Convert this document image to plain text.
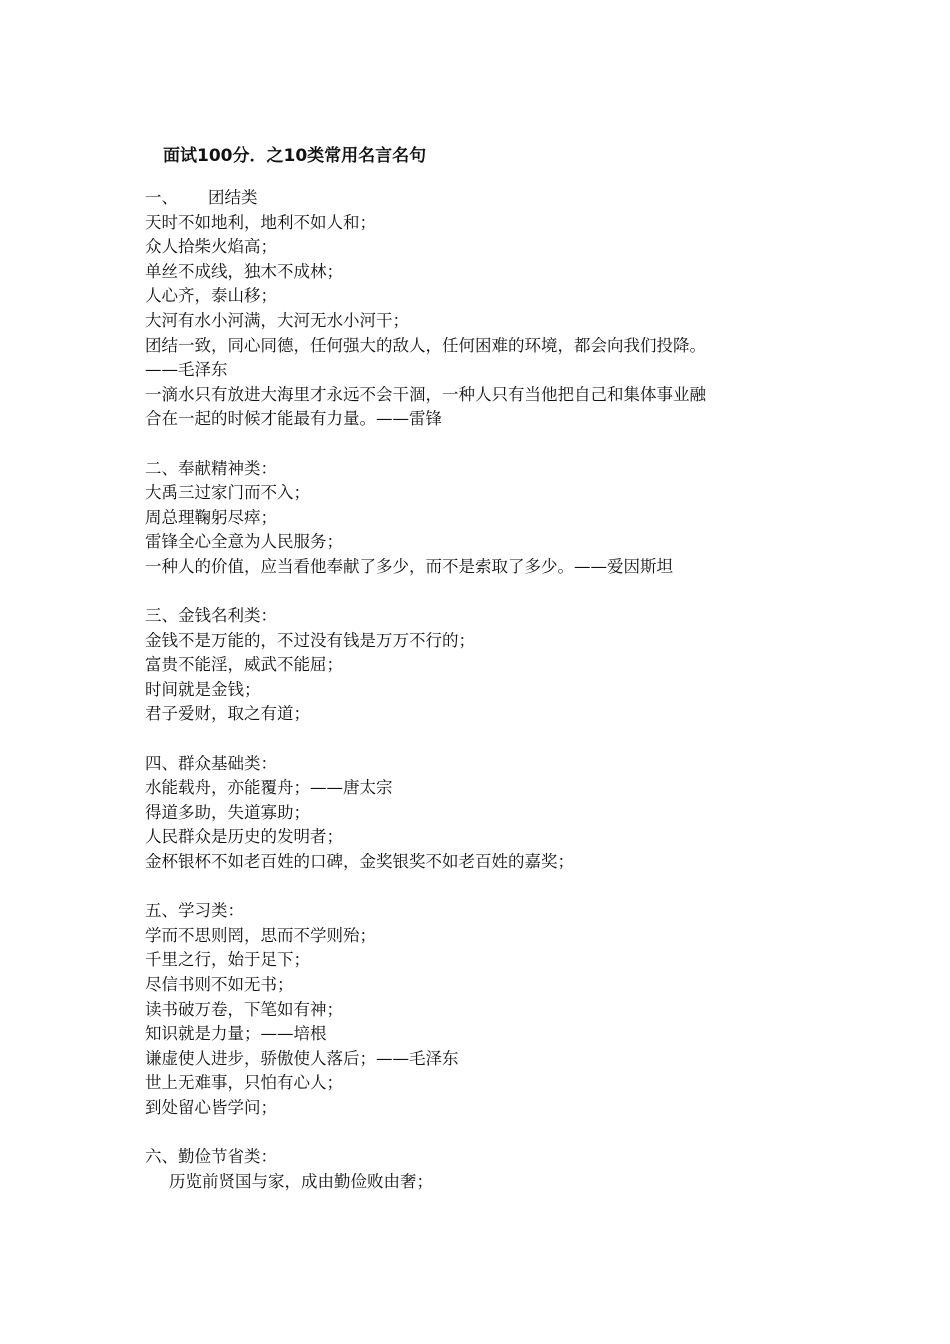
面试100分．之10类常用名言名句
一、 团结类
天时不如地利，地利不如人和；
众人拾柴火焰高；
单丝不成线，独木不成林；
人心齐，泰山移；
大河有水小河满，大河无水小河干；
团结一致，同心同德，任何强大的敌人，任何困难的环境，都会向我们投降。
——毛泽东
一滴水只有放进大海里才永远不会干涸，一种人只有当他把自己和集体事业融
合在一起的时候才能最有力量。——雷锋
二、奉献精神类：
大禹三过家门而不入；
周总理鞠躬尽瘁；
雷锋全心全意为人民服务；
一种人的价值，应当看他奉献了多少，而不是索取了多少。——爱因斯坦
三、金钱名利类：
金钱不是万能的，不过没有钱是万万不行的；
富贵不能淫，威武不能屈；
时间就是金钱；
君子爱财，取之有道；
四、群众基础类：
水能载舟，亦能覆舟；——唐太宗
得道多助，失道寡助；
人民群众是历史的发明者；
金杯银杯不如老百姓的口碑，金奖银奖不如老百姓的嘉奖；
五、学习类：
学而不思则罔，思而不学则殆；
千里之行，始于足下；
尽信书则不如无书；
读书破万卷，下笔如有神；
知识就是力量；——培根
谦虚使人进步，骄傲使人落后；——毛泽东
世上无难事，只怕有心人；
到处留心皆学问；
六、勤俭节省类：
历览前贤国与家，成由勤俭败由奢；
